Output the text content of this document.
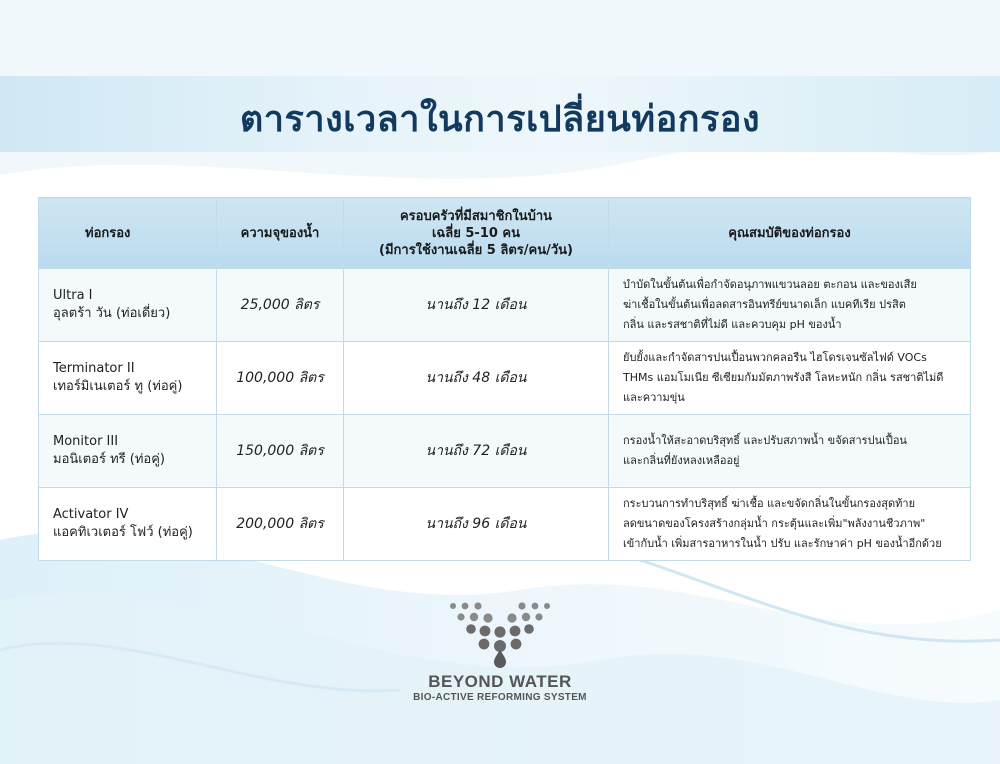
ตารางเวลาในการเปลี่ยนท่อกรอง
ท่อกรอง	ความจุของน้ำ	ครอบครัวที่มีสมาชิกในบ้าน
เฉลี่ย 5-10 คน
(มีการใช้งานเฉลี่ย 5 ลิตร/คน/วัน)	คุณสมบัติของท่อกรอง

Ultra I
อุลตร้า วัน (ท่อเดี่ยว)	25,000 ลิตร	นานถึง 12 เดือน	บำบัดในขั้นต้นเพื่อกำจัดอนุภาพแขวนลอย ตะกอน และของเสีย
ฆ่าเชื้อในขั้นต้นเพื่อลดสารอินทรีย์ขนาดเล็ก แบคทีเรีย ปรสิต
กลิ่น และรสชาติที่ไม่ดี และควบคุม pH ของน้ำ

Terminator II
เทอร์มิเนเตอร์ ทู (ท่อคู่)	100,000 ลิตร	นานถึง 48 เดือน	ยับยั้งและกำจัดสารปนเปื้อนพวกคลอรีน ไฮโดรเจนซัลไฟด์ VOCs
THMs แอมโมเนีย ซีเซียมกัมมัตภาพรังสี โลหะหนัก กลิ่น รสชาติไม่ดี
และความขุ่น

Monitor III
มอนิเตอร์ ทรี (ท่อคู่)	150,000 ลิตร	นานถึง 72 เดือน	กรองน้ำให้สะอาดบริสุทธิ์ และปรับสภาพน้ำ ขจัดสารปนเปื้อน
และกลิ่นที่ยังหลงเหลืออยู่

Activator IV
แอคทิเวเตอร์ โฟว์ (ท่อคู่)	200,000 ลิตร	นานถึง 96 เดือน	กระบวนการทำบริสุทธิ์ ฆ่าเชื้อ และขจัดกลิ่นในขั้นกรองสุดท้าย
ลดขนาดของโครงสร้างกลุ่มน้ำ กระตุ้นและเพิ่ม"พลังงานชีวภาพ"
เข้ากับน้ำ เพิ่มสารอาหารในน้ำ ปรับ และรักษาค่า pH ของน้ำอีกด้วย
BEYOND WATER
BIO-ACTIVE REFORMING SYSTEM
